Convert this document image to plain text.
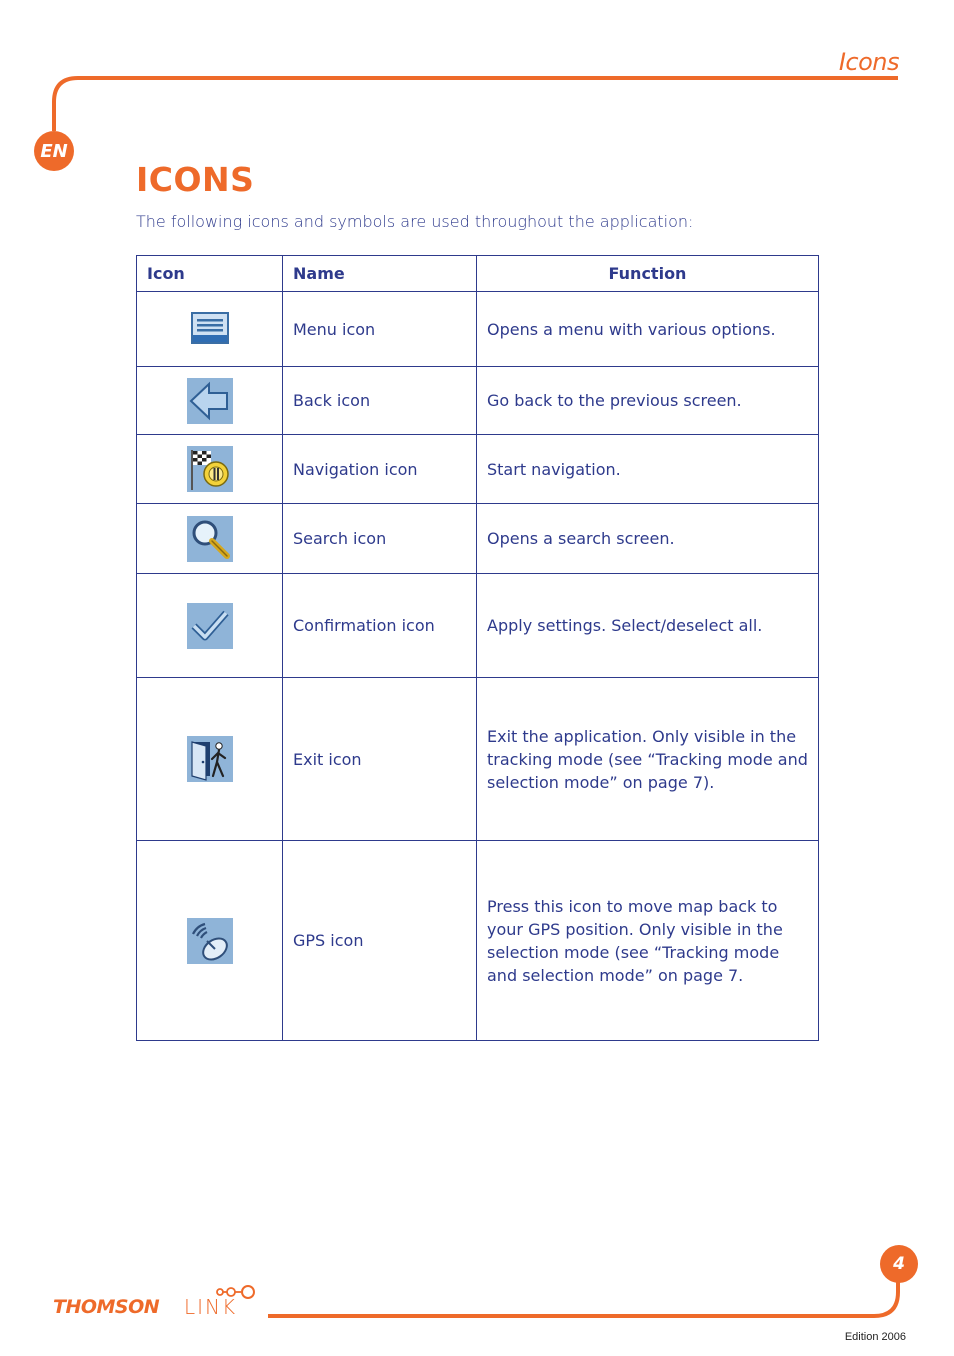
Icons
EN
ICONS

The following icons and symbols are used throughout the application:

Icon	Name	Function

	Menu icon	Opens a menu with various options.

	Back icon	Go back to the previous screen.

	Navigation icon	Start navigation.

	Search icon	Opens a search screen.

	Confirmation icon	Apply settings. Select/deselect all.

	Exit icon	Exit the application. Only visible in the tracking mode (see “Tracking mode and selection mode” on page 7).

	GPS icon	Press this icon to move map back to your GPS position. Only visible in the selection mode (see “Tracking mode and selection mode” on page 7.
4
THOMSON LINK
Edition 2006
